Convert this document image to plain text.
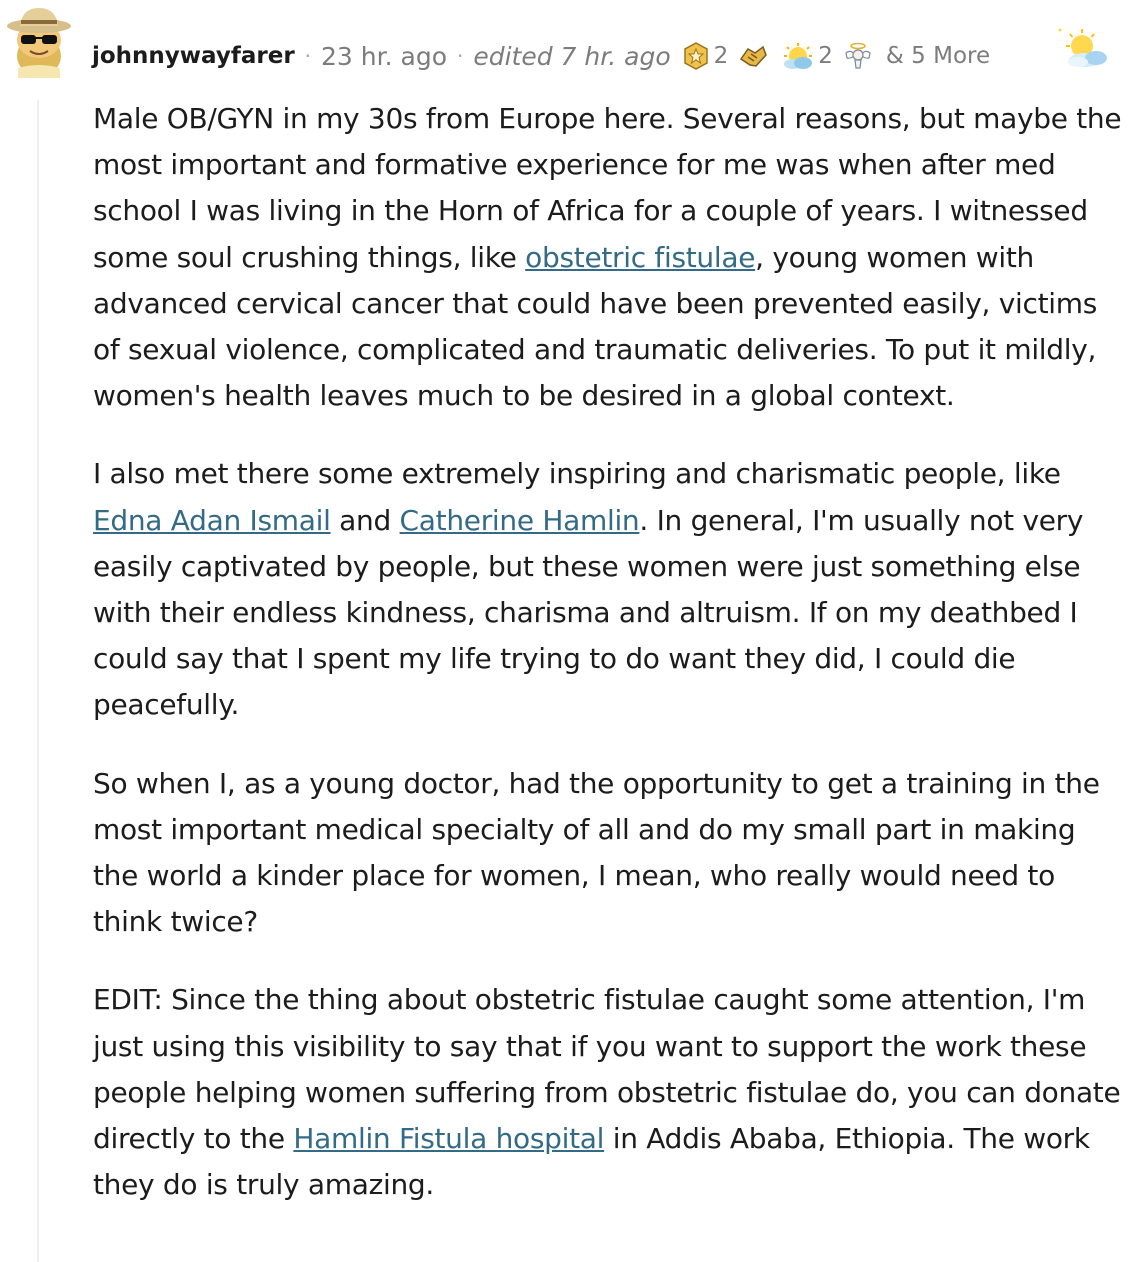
johnnywayfarer · 23 hr. ago · edited 7 hr. ago 2	2 & 5 More

Male OB/GYN in my 30s from Europe here. Several reasons, but maybe the most important and formative experience for me was when after med school I was living in the Horn of Africa for a couple of years. I witnessed some soul crushing things, like obstetric fistulae, young women with advanced cervical cancer that could have been prevented easily, victims of sexual violence, complicated and traumatic deliveries. To put it mildly, women's health leaves much to be desired in a global context.

I also met there some extremely inspiring and charismatic people, like Edna Adan Ismail and Catherine Hamlin. In general, I'm usually not very easily captivated by people, but these women were just something else with their endless kindness, charisma and altruism. If on my deathbed I could say that I spent my life trying to do want they did, I could die peacefully.

So when I, as a young doctor, had the opportunity to get a training in the most important medical specialty of all and do my small part in making the world a kinder place for women, I mean, who really would need to think twice?

EDIT: Since the thing about obstetric fistulae caught some attention, I'm just using this visibility to say that if you want to support the work these people helping women suffering from obstetric fistulae do, you can donate directly to the Hamlin Fistula hospital in Addis Ababa, Ethiopia. The work they do is truly amazing.
